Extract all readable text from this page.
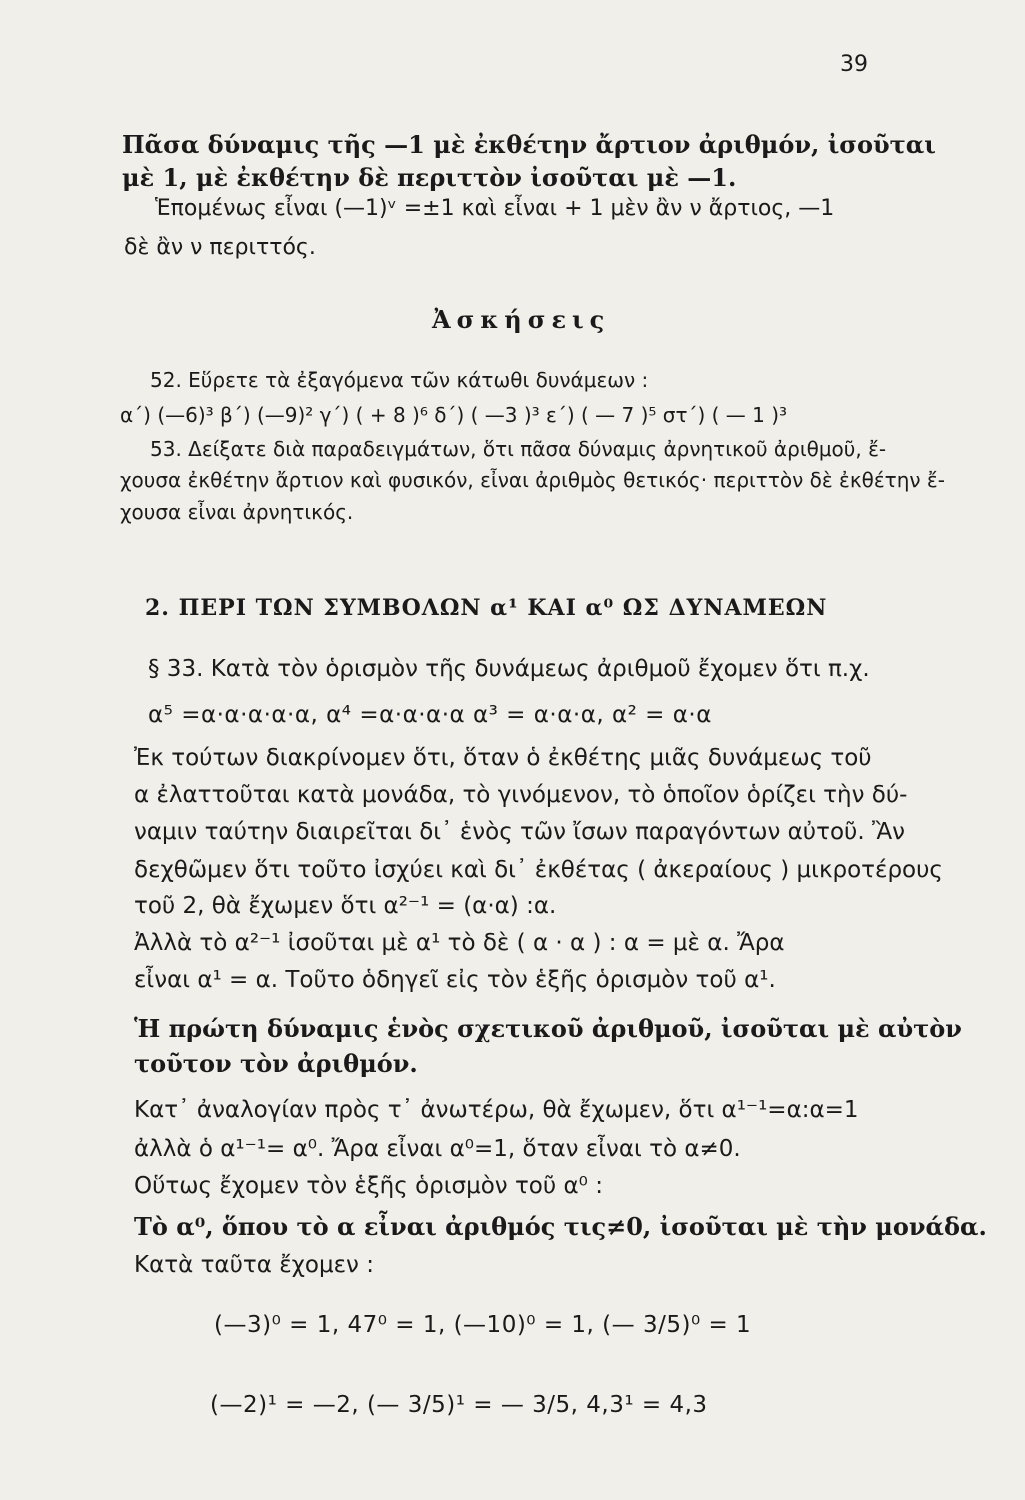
39
Πᾶσα δύναμις τῆς —1 μὲ ἐκθέτην ἄρτιον ἀριθμόν, ἰσοῦται
μὲ 1, μὲ ἐκθέτην δὲ περιττὸν ἰσοῦται μὲ —1.
Ἑπομένως εἶναι (—1)ᵛ =±1 καὶ εἶναι + 1 μὲν ἂν ν ἄρτιος, —1
δὲ ἂν ν περιττός.
Ἀσκήσεις
52. Εὕρετε τὰ ἐξαγόμενα τῶν κάτωθι δυνάμεων :
α΄) (—6)³ β΄) (—9)² γ΄) ( + 8 )⁶ δ΄) ( —3 )³ ε΄) ( — 7 )⁵ στ΄) ( — 1 )³
53. Δείξατε διὰ παραδειγμάτων, ὅτι πᾶσα δύναμις ἀρνητικοῦ ἀριθμοῦ, ἔ-
χουσα ἐκθέτην ἄρτιον καὶ φυσικόν, εἶναι ἀριθμὸς θετικός· περιττὸν δὲ ἐκθέτην ἔ-
χουσα εἶναι ἀρνητικός.
2. ΠΕΡΙ ΤΩΝ ΣΥΜΒΟΛΩΝ α¹ ΚΑΙ α⁰ ΩΣ ΔΥΝΑΜΕΩΝ
§ 33. Κατὰ τὸν ὁρισμὸν τῆς δυνάμεως ἀριθμοῦ ἔχομεν ὅτι π.χ.
α⁵ =α·α·α·α·α, α⁴ =α·α·α·α α³ = α·α·α, α² = α·α
Ἐκ τούτων διακρίνομεν ὅτι, ὅταν ὁ ἐκθέτης μιᾶς δυνάμεως τοῦ
α ἐλαττοῦται κατὰ μονάδα, τὸ γινόμενον, τὸ ὁποῖον ὁρίζει τὴν δύ-
ναμιν ταύτην διαιρεῖται δι᾽ ἑνὸς τῶν ἴσων παραγόντων αὐτοῦ. Ἂν
δεχθῶμεν ὅτι τοῦτο ἰσχύει καὶ δι᾽ ἐκθέτας ( ἀκεραίους ) μικροτέρους
τοῦ 2, θὰ ἔχωμεν ὅτι α²⁻¹ = (α·α) :α.
Ἀλλὰ τὸ α²⁻¹ ἰσοῦται μὲ α¹ τὸ δὲ ( α · α ) : α = μὲ α. Ἄρα
εἶναι α¹ = α. Τοῦτο ὁδηγεῖ εἰς τὸν ἑξῆς ὁρισμὸν τοῦ α¹.
Ἡ πρώτη δύναμις ἑνὸς σχετικοῦ ἀριθμοῦ, ἰσοῦται μὲ αὐτὸν
τοῦτον τὸν ἀριθμόν.
Κατ᾽ ἀναλογίαν πρὸς τ᾽ ἀνωτέρω, θὰ ἔχωμεν, ὅτι α¹⁻¹=α:α=1
ἀλλὰ ὁ α¹⁻¹= α⁰. Ἄρα εἶναι α⁰=1, ὅταν εἶναι τὸ α≠0.
Οὕτως ἔχομεν τὸν ἑξῆς ὁρισμὸν τοῦ α⁰ :
Τὸ α⁰, ὅπου τὸ α εἶναι ἀριθμός τις≠0, ἰσοῦται μὲ τὴν μονάδα.
Κατὰ ταῦτα ἔχομεν :
(—3)⁰ = 1, 47⁰ = 1, (—10)⁰ = 1, (— 3/5)⁰ = 1
(—2)¹ = —2, (— 3/5)¹ = — 3/5, 4,3¹ = 4,3
